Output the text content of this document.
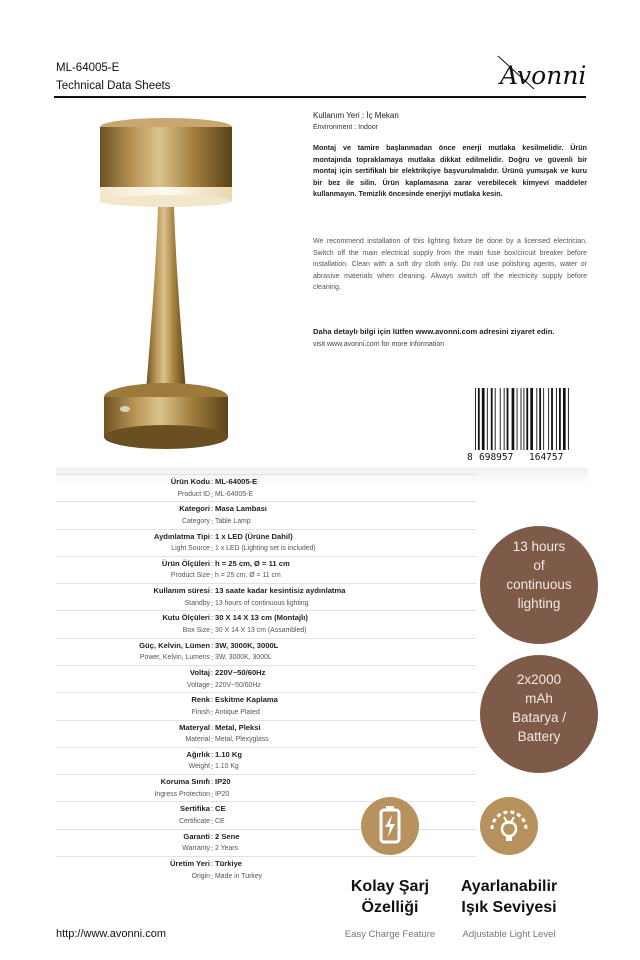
ML-64005-E
Technical Data Sheets	Avonni
Kullanım Yeri : İç Mekan
Environment : Indoor
Montaj ve tamire başlanmadan önce enerji mutlaka kesilmelidir. Ürün montajında topraklamaya mutlaka dikkat edilmelidir. Doğru ve güvenli bir montaj için sertifikalı bir elektrikçiye başvurulmalıdır. Ürünü yumuşak ve kuru bir bez ile silin. Ürün kaplamasına zarar verebilecek kimyevi maddeler kullanmayın. Temizlik öncesinde enerjiyi mutlaka kesin.
We recommend installation of this lighting fixture be done by a licensed electrician. Switch off the main electrical supply from the main fuse box/circuit breaker before installation. Clean with a soft dry cloth only. Do not use polishing agents, water or abrasive materials when cleaning. Always switch off the electricity supply before cleaning.
Daha detaylı bilgi için lütfen www.avonni.com adresini ziyaret edin.
visit www.avonni.com for more information
8 698957 164757
Ürün Kodu : ML-64005-E
Product ID : ML-64005-E
Kategori : Masa Lambası
Category : Table Lamp
Aydınlatma Tipi : 1 x LED (Ürüne Dahil)
Light Source : 1 x LED (Lighting set is included)
Ürün Ölçüleri : h = 25 cm, Ø = 11 cm
Product Size : h = 25 cm, Ø = 11 cm
Kullanım süresi : 13 saate kadar kesintisiz aydınlatma
Standby : 13 hours of continuous lighting
Kutu Ölçüleri : 30 X 14 X 13 cm (Montajlı)
Box Size : 30 X 14 X 13 cm (Assambled)
Güç, Kelvin, Lümen : 3W, 3000K, 3000L
Power, Kelvin, Lumens : 3W, 3000K, 3000L
Voltaj : 220V~50/60Hz
Voltage : 220V~50/60Hz
Renk : Eskitme Kaplama
Finish : Antique Plated
Materyal : Metal, Pleksi
Material : Metal, Plexyglass
Ağırlık : 1.10 Kg
Weight : 1.10 Kg
Koruma Sınıfı : IP20
Ingress Protection : IP20
Sertifika : CE
Certificate : CE
Garanti : 2 Sene
Warranty : 2 Years
Üretim Yeri : Türkiye
Origin : Made in Turkey
13 hours
of
continuous
lighting
2x2000
mAh
Batarya /
Battery
Kolay Şarj
Özelliği
Ayarlanabilir
Işık Seviyesi
Easy Charge Feature	Adjustable Light Level
http://www.avonni.com
